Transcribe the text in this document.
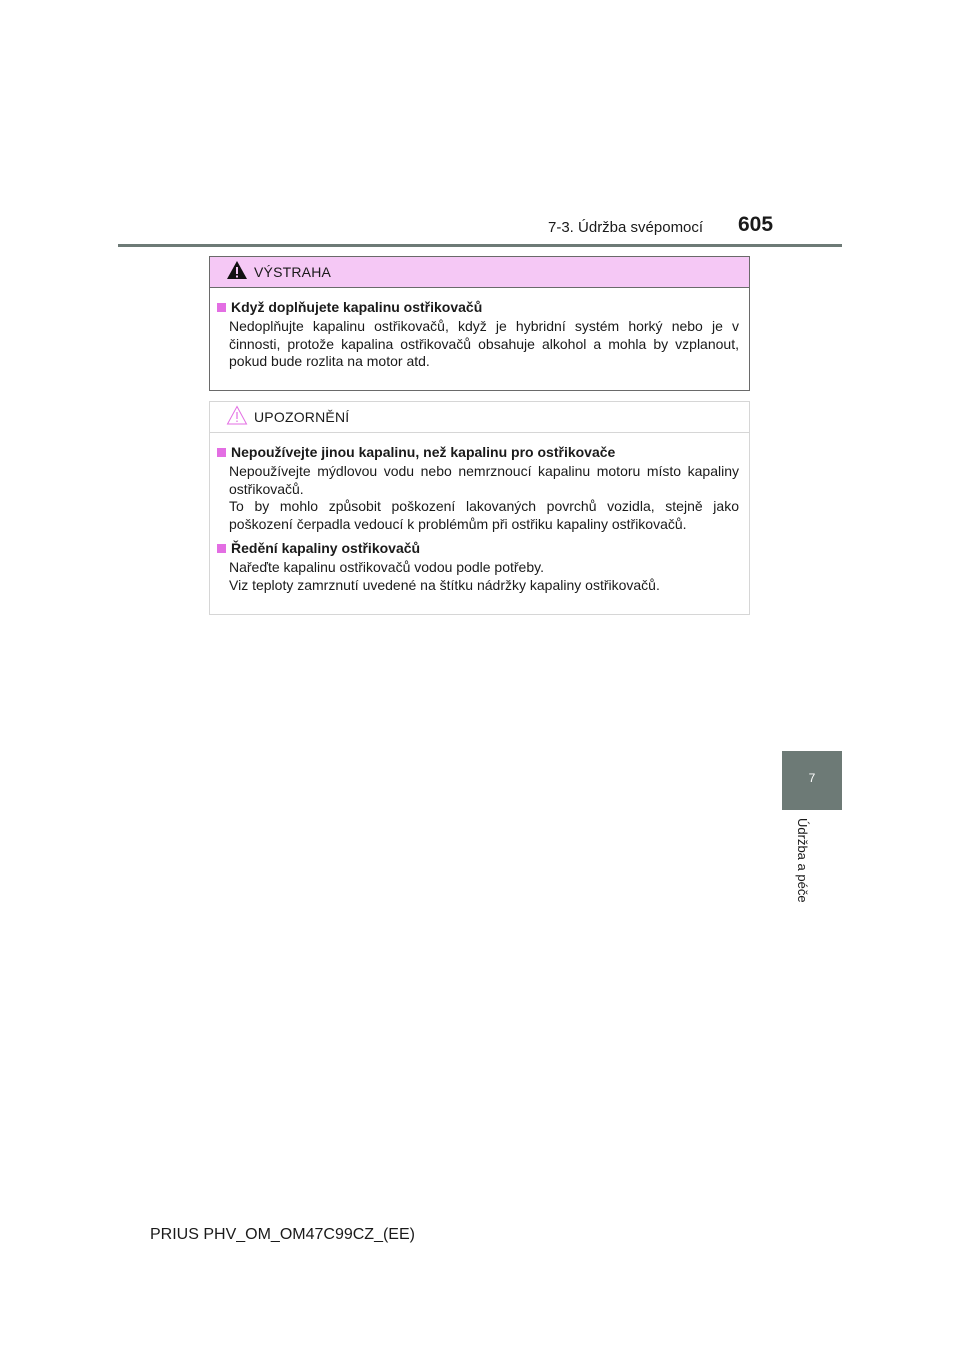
7-3. Údržba svépomocí 605
VÝSTRAHA
Když doplňujete kapalinu ostřikovačů

Nedoplňujte kapalinu ostřikovačů, když je hybridní systém horký nebo je v činnosti, protože kapalina ostřikovačů obsahuje alkohol a mohla by vzplanout, pokud bude rozlita na motor atd.

UPOZORNĚNÍ
Nepoužívejte jinou kapalinu, než kapalinu pro ostřikovače

Nepoužívejte mýdlovou vodu nebo nemrznoucí kapalinu motoru místo kapaliny ostřikovačů.

To by mohlo způsobit poškození lakovaných povrchů vozidla, stejně jako poškození čerpadla vedoucí k problémům při ostřiku kapaliny ostřikovačů.

Ředění kapaliny ostřikovačů

Nařeďte kapalinu ostřikovačů vodou podle potřeby.

Viz teploty zamrznutí uvedené na štítku nádržky kapaliny ostřikovačů.

7
Údržba a péče
PRIUS PHV_OM_OM47C99CZ_(EE)
